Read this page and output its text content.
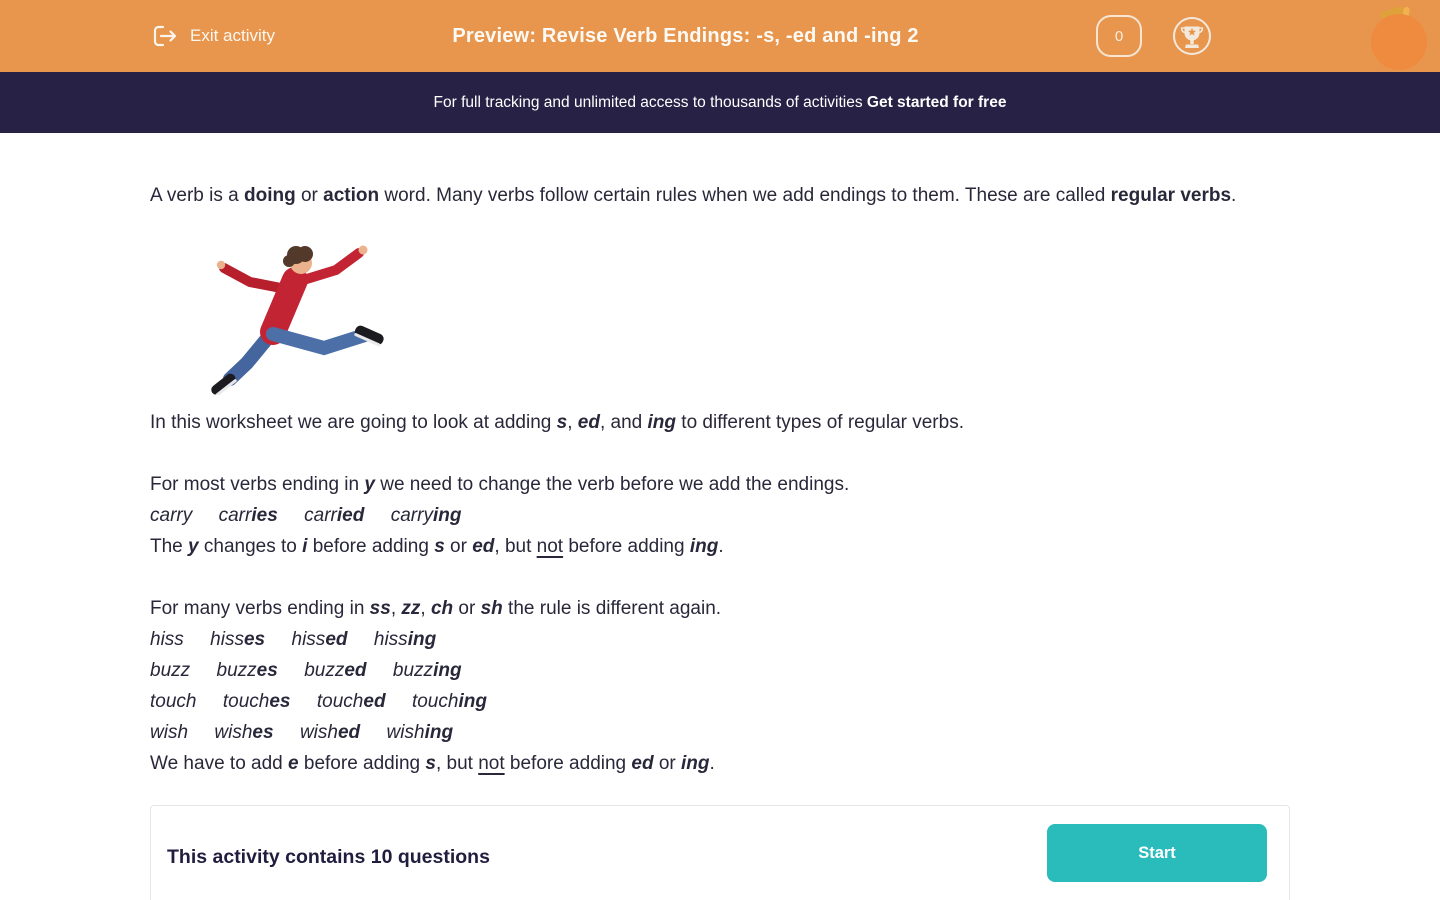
Exit activity	Preview: Revise Verb Endings: -s, -ed and -ing 2	0
For full tracking and unlimited access to thousands of activities Get started for free
A verb is a doing or action word. Many verbs follow certain rules when we add endings to them. These are called regular verbs.
In this worksheet we are going to look at adding s, ed, and ing to different types of regular verbs.
For most verbs ending in y we need to change the verb before we add the endings.
carry     carries     carried     carrying
The y changes to i before adding s or ed, but not before adding ing.
For many verbs ending in ss, zz, ch or sh the rule is different again.
hiss     hisses     hissed     hissing
buzz     buzzes     buzzed     buzzing
touch     touches     touched     touching
wish     wishes     wished     wishing
We have to add e before adding s, but not before adding ed or ing.
This activity contains 10 questions	Start
